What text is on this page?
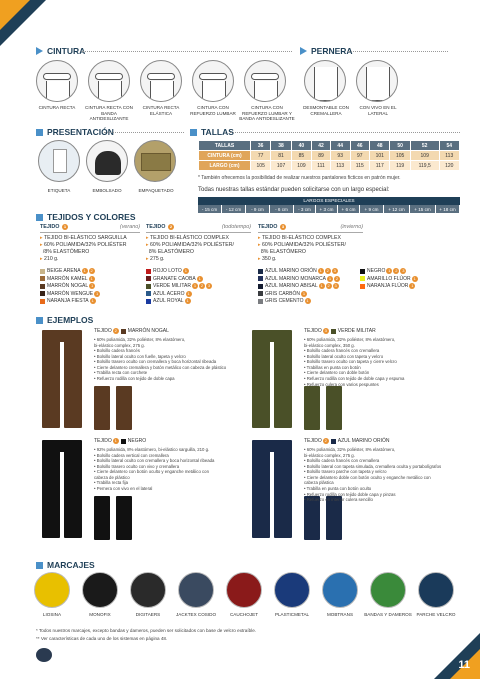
11
CINTURA	PERNERA
CINTURA RECTA	CINTURA RECTA CON BANDA ANTIDESLIZANTE
CINTURA RECTA ELÁSTICA
CINTURA CON REFUERZO LUMBAR
CINTURA CON REFUERZO LUMBAR Y BANDA ANTIDESLIZANTE
DESMONTABLE CON CREMALLERA
CON VIVO EN EL LATERAL
PRESENTACIÓN
ETIQUETA	EMBOLSADO	EMPAQUETADO
TALLAS
TALLAS	36	38	40	42	44	46	48	50	52	54
CINTURA (cm)	77	81	85	89	93	97	101	105	109	113
LARGO (cm)	105	107	109	111	113	115	117	119	119,5	120
* También ofrecemos la posibilidad de realizar nuestros pantalones ficticos en patrón mujer.
Todas nuestras tallas estándar pueden solicitarse con un largo especial:
LARGOS ESPECIALES
- 15 cm	- 12 cm	- 9 cm	- 6 cm	- 3 cm	+ 3 cm	+ 6 cm	+ 9 cm	+ 12 cm	+ 15 cm	+ 18 cm
TEJIDOS Y COLORES
TEJIDO
	1	(verano)
▸ TEJIDO BI-ELÁSTICO SARGUILLA
▸ 60% POLIAMIDA/32% POLIÉSTER
/8% ELASTÓMERO
▸ 210 g.
TEJIDO
	2	(todotempo)
▸ TEJIDO BI-ELÁSTICO COMPLEX
▸ 60% POLIAMIDA/32% POLIÉSTER/
8% ELASTÓMERO
▸ 275 g.
TEJIDO
	3	(invierno)
▸ TEJIDO BI-ELÁSTICO COMPLEX
▸ 60% POLIAMIDA/32% POLIÉSTER/
8% ELASTÓMERO
▸ 350 g.
BEIGE ARENA 1	2
MARRÓN KAMEL 1
MARRÓN NOGAL 1
MARRÓN WENGUE 1
NARANJA FIESTA 1
ROJO LOTO 1
GRANATE CAOBA 1
VERDE MILITAR 1	2	3
AZUL ACERO 1
AZUL ROYAL 1
AZUL MARINO ORIÓN 1	2	3
AZUL MARINO MONARCA 1	2
AZUL MARINO ABISAL 1	2	3
GRIS CARBÓN 1
GRIS CEMENTO 1
NEGRO 1	2	3
AMARILLO FLÚOR 1
NARANJA FLÚOR 1
EJEMPLOS
TEJIDO 2	MARRÓN NOGAL
• 60% poliamida, 32% poliéster, 8% elastómero,
bi-elástico complex, 275 g.
• Bolsillo cadera francés
• Bolsillo lateral oculto con fuelle, tapeta y velcro
• Bolsillo trasero oculto con cremallera y boca horizontal ribeada
• Cierre delantero cremallera y botón metálico con cabeza de plástico
• Trabilla recta con corchete
• Refuerzo rodilla con tejido de doble capa
TEJIDO 3	VERDE MILITAR
• 60% poliamida, 32% poliéster, 8% elastómero,
bi-elástico complex, 350 g.
• Bolsillo cadera francés con cremallera
• Bolsillo lateral oculto con tapeta y velcro
• Bolsillo trasero oculto con tapeta y cierre velcro
• Trabillas en punta con botón
• Cierre delantero con doble botón
• Refuerzo rodilla con tejido de doble capa y espuma
• Refuerzo culera con varios pespuntes
TEJIDO 1	NEGRO
• 92% poliamida, 8% elastómero, bi-elástico sarguilla, 210 g.
• Bolsillo cadera vertical con cremallera
• Bolsillo lateral oculto con cremallera y boca horizontal ribeada
• Bolsillo trasero oculto con vivo y cremallera
• Cierre delantero con botón oculto y enganche metálico con
cabeza de plástico
• Trabilla recta fija
• Pernera con vivo en el lateral
TEJIDO 2	AZUL MARINO ORIÓN
• 60% poliamida, 32% poliéster, 8% elastómero,
bi-elástico complex, 275 g.
• Bolsillo cadera francés con cremallera
• Bolsillo lateral con tapeta simulada, cremallera oculta y portabolígrafos
• Bolsillo trasero parche con tapeta y velcro
• Cierre delantero doble con botón oculto y enganche metálico con
cabeza plástica
• Trabilla en punta con botón oculto
• Refuerzo rodilla con tejido doble capa y pinzas
• Refuerzo en interior culera sencillo
MARCAJES
LIOSINA	MONOFIX	DIGITAERS	JACKTEX COSIDO	CAUCHOJET	PLASTICMETAL	MOBTRANS	BANDAS Y DAMEROS	PARCHE VELCRO
* Todos nuestros marcajes, excepto bandas y dameros, pueden ser solicitados con base de velcro extraíble.
** Ver características de cada uno de los sistemas en página 48.
